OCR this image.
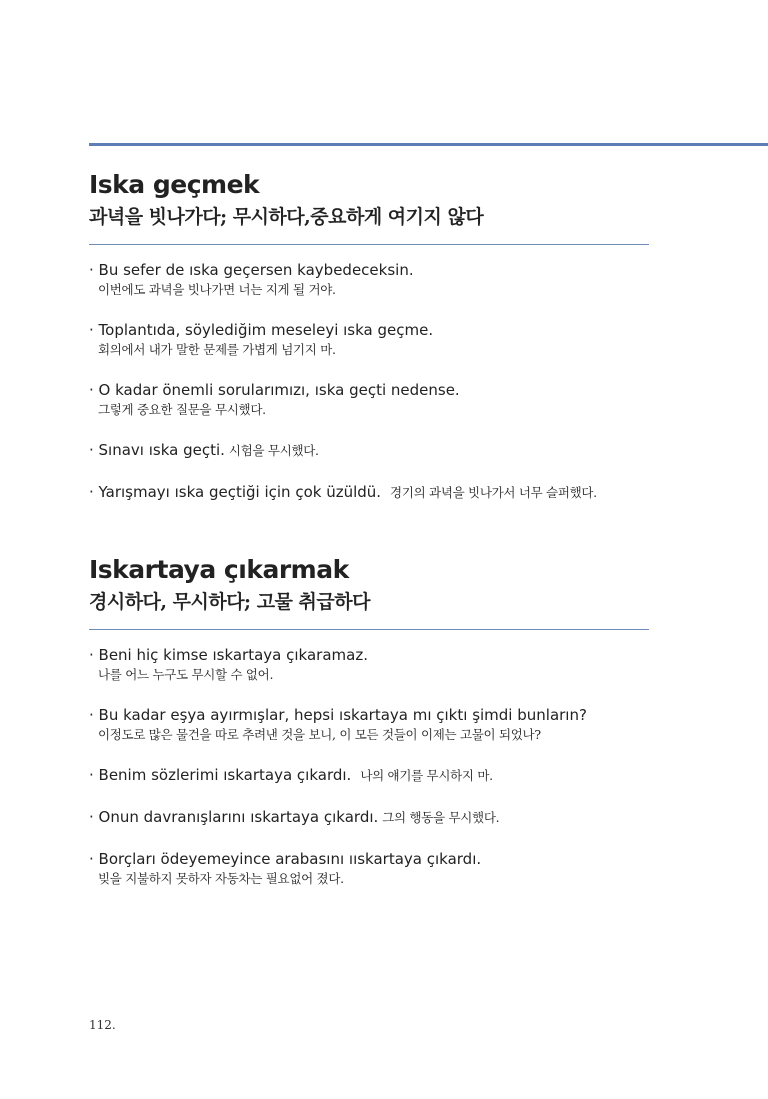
Iska geçmek
과녁을 빗나가다; 무시하다,중요하게 여기지 않다
· Bu sefer de ıska geçersen kaybedeceksin.
이번에도 과녁을 빗나가면 너는 지게 될 거야.
· Toplantıda, söylediğim meseleyi ıska geçme.
회의에서 내가 말한 문제를 가볍게 넘기지 마.
· O kadar önemli sorularımızı, ıska geçti nedense.
그렇게 중요한 질문을 무시했다.
· Sınavı ıska geçti. 시험을 무시했다.
· Yarışmayı ıska geçtiği için çok üzüldü. 경기의 과녁을 빗나가서 너무 슬퍼했다.
Iskartaya çıkarmak
경시하다, 무시하다; 고물 취급하다
· Beni hiç kimse ıskartaya çıkaramaz.
나를 어느 누구도 무시할 수 없어.
· Bu kadar eşya ayırmışlar, hepsi ıskartaya mı çıktı şimdi bunların?
이정도로 많은 물건을 따로 추려낸 것을 보니, 이 모든 것들이 이제는 고물이 되었나?
· Benim sözlerimi ıskartaya çıkardı. 나의 얘기를 무시하지 마.
· Onun davranışlarını ıskartaya çıkardı. 그의 행동을 무시했다.
· Borçları ödeyemeyince arabasını ııskartaya çıkardı.
빚을 지불하지 못하자 자동차는 필요없어 졌다.
112.
